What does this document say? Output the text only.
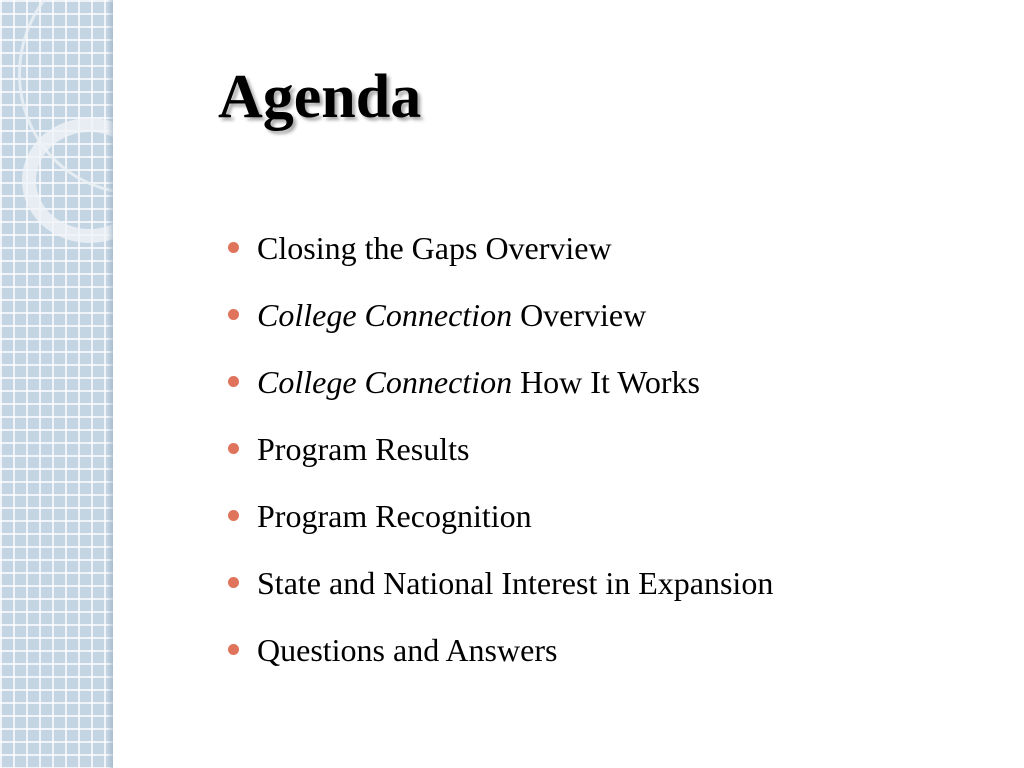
Agenda
Closing the Gaps Overview
College Connection Overview
College Connection How It Works
Program Results
Program Recognition
State and National Interest in Expansion
Questions and Answers
